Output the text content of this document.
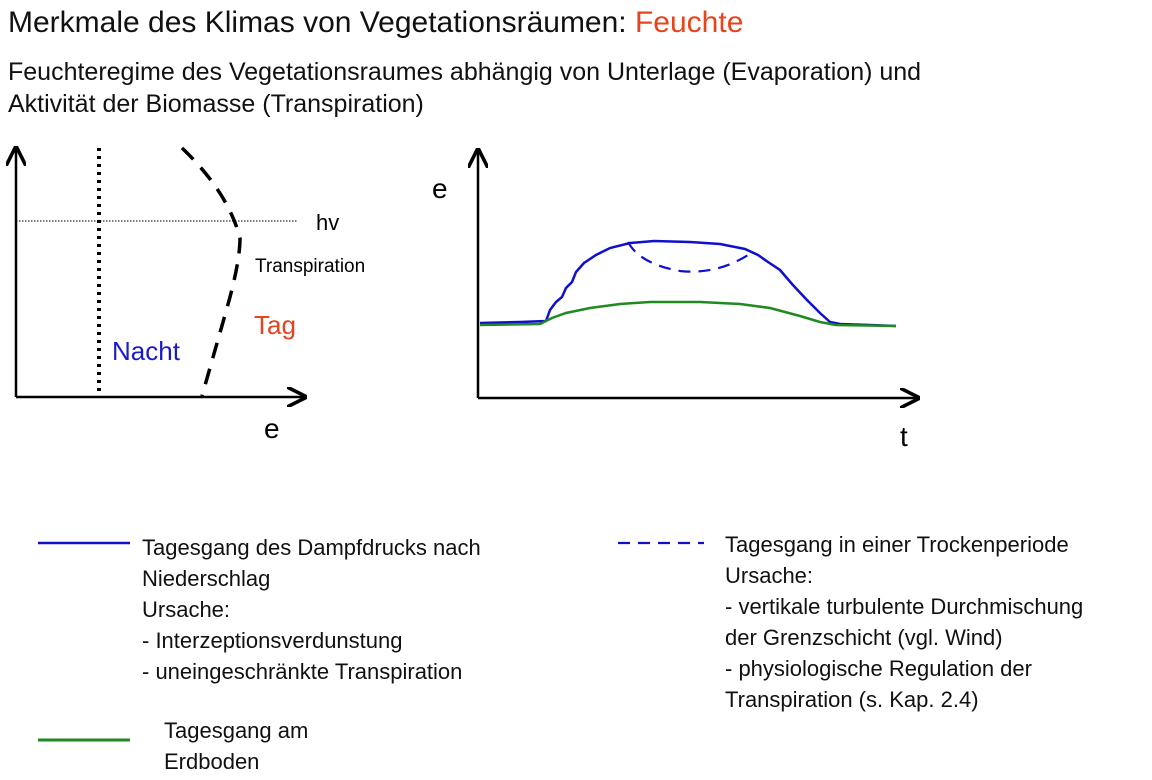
Merkmale des Klimas von Vegetationsräumen: Feuchte
Feuchteregime des Vegetationsraumes abhängig von Unterlage (Evaporation) und
Aktivität der Biomasse (Transpiration)
hv
Transpiration
Tag
Nacht
e
e
t
Tagesgang des Dampfdrucks nach
Niederschlag
Ursache:
- Interzeptionsverdunstung
- uneingeschränkte Transpiration
Tagesgang in einer Trockenperiode
Ursache:
- vertikale turbulente Durchmischung
der Grenzschicht (vgl. Wind)
- physiologische Regulation der
Transpiration (s. Kap. 2.4)
Tagesgang am
Erdboden
